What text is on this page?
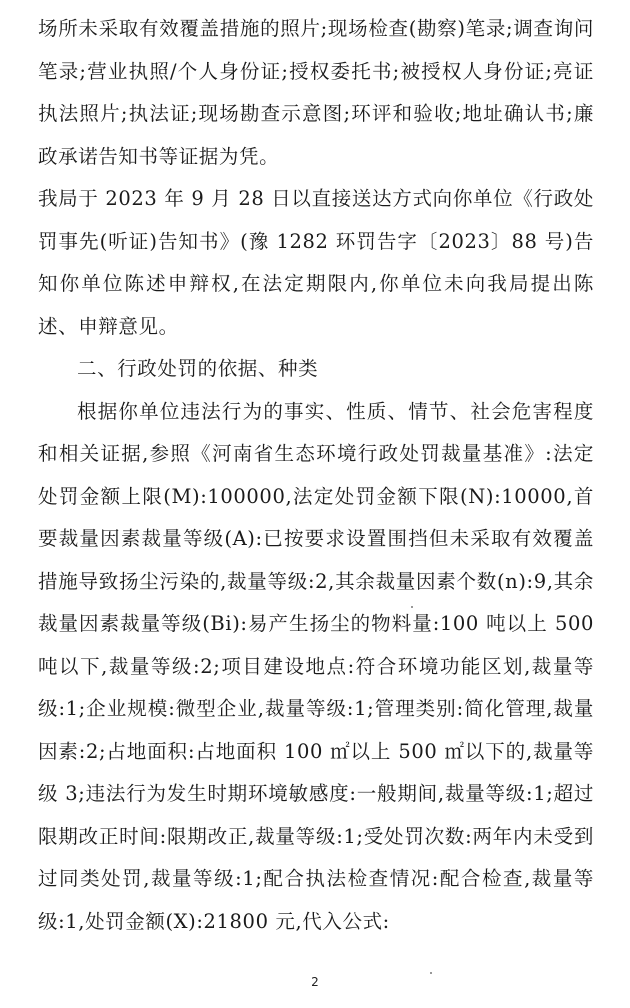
场所未采取有效覆盖措施的照片;现场检查(勘察)笔录;调查询问笔录;营业执照/个人身份证;授权委托书;被授权人身份证;亮证执法照片;执法证;现场勘查示意图;环评和验收;地址确认书;廉政承诺告知书等证据为凭。

我局于 2023 年 9 月 28 日以直接送达方式向你单位《行政处罚事先(听证)告知书》(豫 1282 环罚告字〔2023〕88 号)告知你单位陈述申辩权,在法定期限内,你单位未向我局提出陈述、申辩意见。

二、行政处罚的依据、种类

根据你单位违法行为的事实、性质、情节、社会危害程度和相关证据,参照《河南省生态环境行政处罚裁量基准》:法定处罚金额上限(M):100000,法定处罚金额下限(N):10000,首要裁量因素裁量等级(A):已按要求设置围挡但未采取有效覆盖措施导致扬尘污染的,裁量等级:2,其余裁量因素个数(n):9,其余裁量因素裁量等级(Bi):易产生扬尘的物料量:100 吨以上 500 吨以下,裁量等级:2;项目建设地点:符合环境功能区划,裁量等级:1;企业规模:微型企业,裁量等级:1;管理类别:简化管理,裁量因素:2;占地面积:占地面积 100 ㎡以上 500 ㎡以下的,裁量等级 3;违法行为发生时期环境敏感度:一般期间,裁量等级:1;超过限期改正时间:限期改正,裁量等级:1;受处罚次数:两年内未受到过同类处罚,裁量等级:1;配合执法检查情况:配合检查,裁量等级:1,处罚金额(X):21800 元,代入公式:

2
